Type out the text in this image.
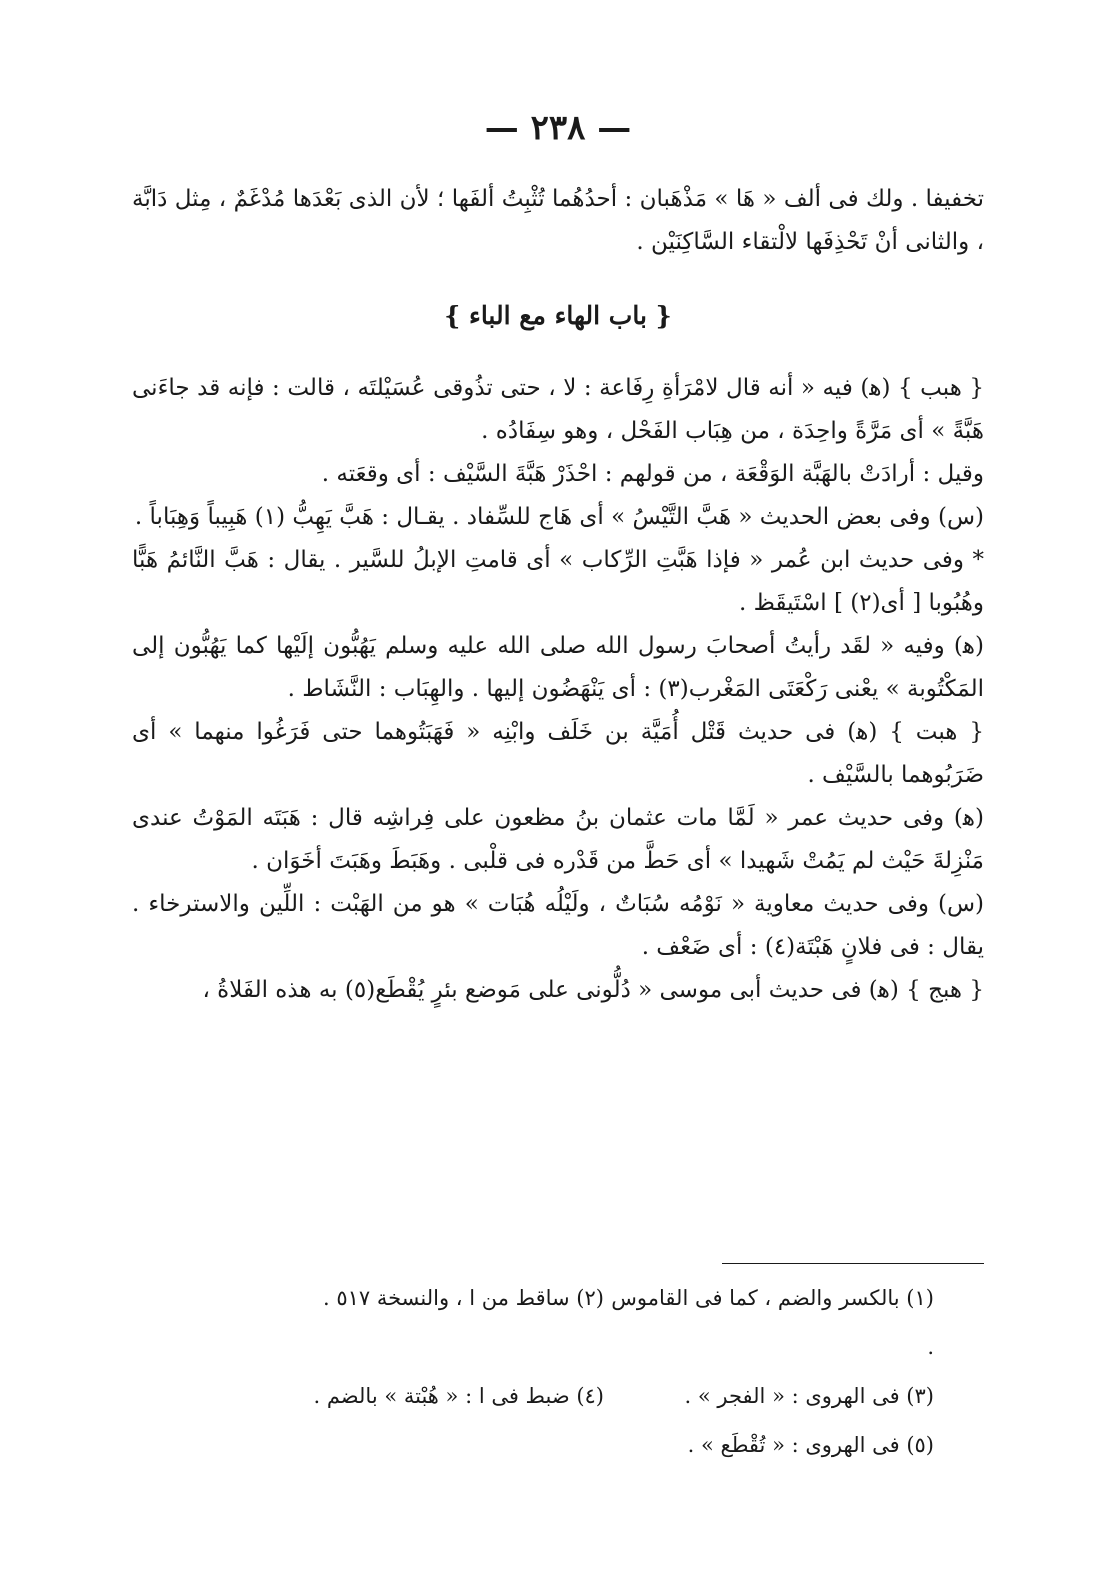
— ٢٣٨ —

تخفيفا . ولك فى ألف « هَا » مَذْهَبان : أحدُهُما تُثْبِتُ ألفَها ؛ لأن الذى بَعْدَها مُدْغَمٌ ، مِثل دَابَّة ، والثانى أنْ تَحْذِفَها لالْتقاء السَّاكِنَيْن .

{ باب الهاء مع الباء }

{ هبب } (ﻫ) فيه « أنه قال لامْرَأةِ رِفَاعة : لا ، حتى تذُوقى عُسَيْلتَه ، قالت : فإنه قد جاءَنى هَبَّةً » أى مَرَّةً واحِدَة ، من هِبَاب الفَحْل ، وهو سِفَادُه .

وقيل : أرادَتْ بالهَبَّة الوَقْعَة ، من قولهم : احْذَرْ هَبَّةَ السَّيْف : أى وقعَته .

(س) وفى بعض الحديث « هَبَّ التَّيْسُ » أى هَاج للسِّفاد . يقـال : هَبَّ يَهِبُّ (١) هَبِيباً وَهِبَاباً .

* وفى حديث ابن عُمر « فإذا هَبَّتِ الرِّكاب » أى قامتِ الإبلُ للسَّير . يقال : هَبَّ النَّائمُ هَبًّا وهُبُوبا [ أى(٢) ] اسْتَيقَظ .

(ﻫ) وفيه « لقَد رأيتُ أصحابَ رسول الله صلى الله عليه وسلم يَهُبُّون إلَيْها كما يَهُبُّون إلى المَكْتُوبة » يعْنى رَكْعَتَى المَغْرب(٣) : أى يَنْهَضُون إليها . والهِبَاب : النَّشَاط .

{ هبت } (ﻫ) فى حديث قَتْل أُمَيَّة بن خَلَف وابْنِه « فَهَبَتُوهما حتى فَرَغُوا منهما » أى ضَرَبُوهما بالسَّيْف .

(ﻫ) وفى حديث عمر « لَمَّا مات عثمان بنُ مظعون على فِراشِه قال : هَبَتَه المَوْتُ عندى مَنْزِلةَ حَيْث لم يَمُتْ شَهيدا » أى حَطَّ من قَدْره فى قلْبى . وهَبَطَ وهَبَتَ أخَوَان .

(س) وفى حديث معاوية « نَوْمُه سُبَاتٌ ، ولَيْلُه هُبَات » هو من الهَبْت : اللِّين والاسترخاء . يقال : فى فلانٍ هَبْتَة(٤) : أى ضَعْف .

{ هبج } (ﻫ) فى حديث أبى موسى « دُلُّونى على مَوضع بئرٍ يُقْطَع(٥) به هذه الفَلاةُ ،

(١) بالكسر والضم ، كما فى القاموس .
(٢) ساقط من ا ، والنسخة ٥١٧ .
(٣) فى الهروى : « الفجر » .
(٤) ضبط فى ا : « هُبْتة » بالضم .
(٥) فى الهروى : « تُقْطَع » .
